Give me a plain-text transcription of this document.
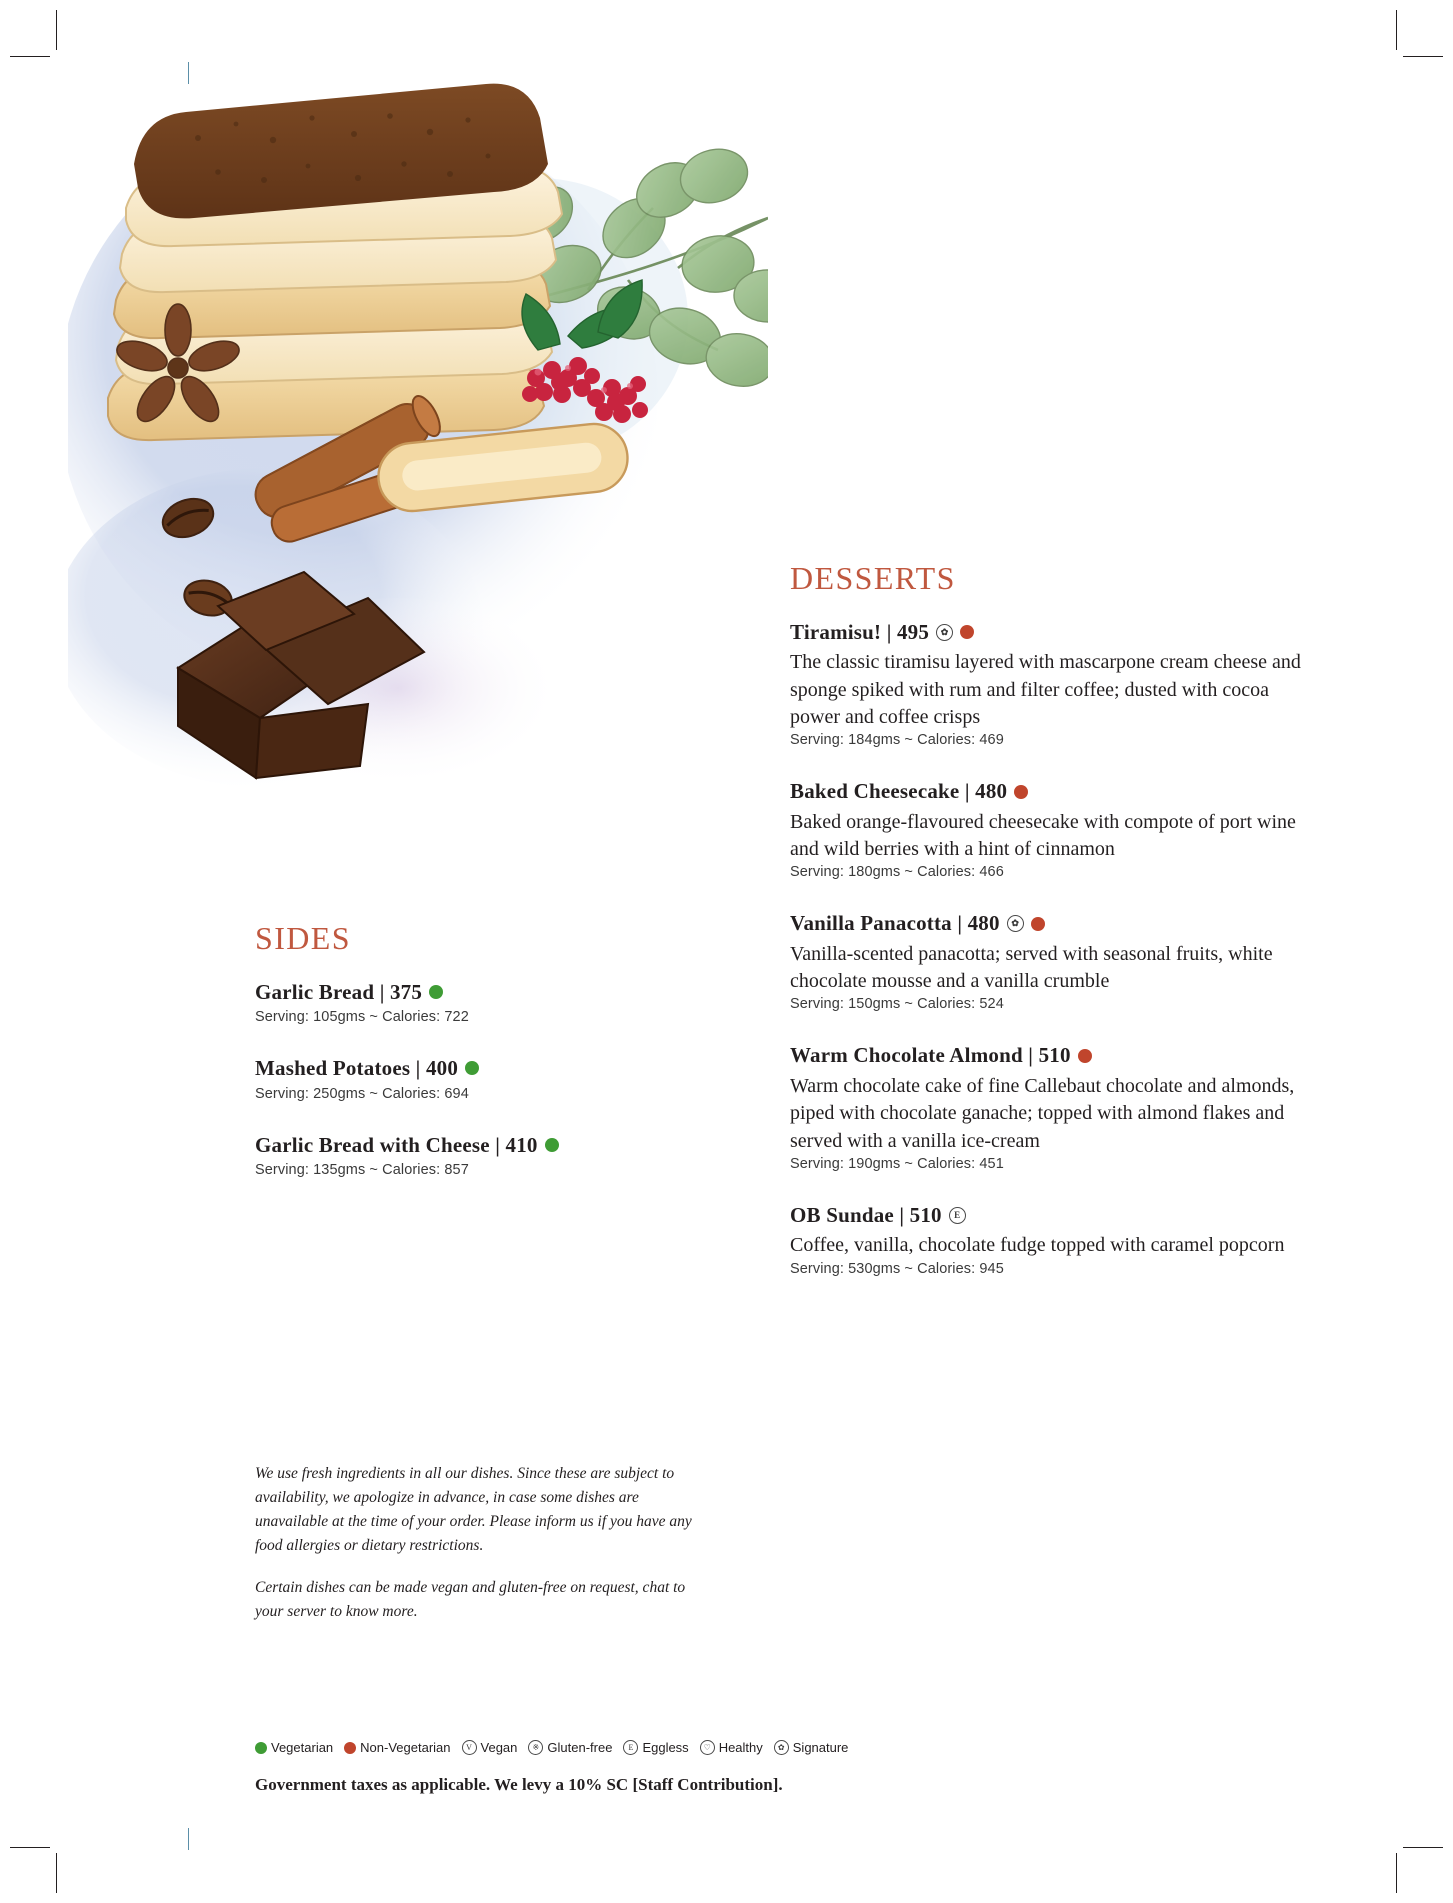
SIDES
Garlic Bread | 375

Serving: 105gms ~ Calories: 722

Mashed Potatoes | 400

Serving: 250gms ~ Calories: 694

Garlic Bread with Cheese | 410

Serving: 135gms ~ Calories: 857

DESSERTS
Tiramisu! | 495	✿

The classic tiramisu layered with mascarpone cream cheese and sponge spiked with rum and filter coffee; dusted with cocoa power and coffee crisps

Serving: 184gms ~ Calories: 469

Baked Cheesecake | 480

Baked orange-flavoured cheesecake with compote of port wine and wild berries with a hint of cinnamon

Serving: 180gms ~ Calories: 466

Vanilla Panacotta | 480	✿

Vanilla-scented panacotta; served with seasonal fruits, white chocolate mousse and a vanilla crumble

Serving: 150gms ~ Calories: 524

Warm Chocolate Almond | 510

Warm chocolate cake of fine Callebaut chocolate and almonds, piped with chocolate ganache; topped with almond flakes and served with a vanilla ice-cream

Serving: 190gms ~ Calories: 451

OB Sundae | 510	E

Coffee, vanilla, chocolate fudge topped with caramel popcorn

Serving: 530gms ~ Calories: 945

We use fresh ingredients in all our dishes. Since these are subject to availability, we apologize in advance, in case some dishes are unavailable at the time of your order. Please inform us if you have any food allergies or dietary restrictions.

Certain dishes can be made vegan and gluten-free on request, chat to your server to know more.

Vegetarian Non-Vegetarian	V Vegan	※ Gluten-free	E Eggless	♡ Healthy	✿ Signature
Government taxes as applicable. We levy a 10% SC [Staff Contribution].
